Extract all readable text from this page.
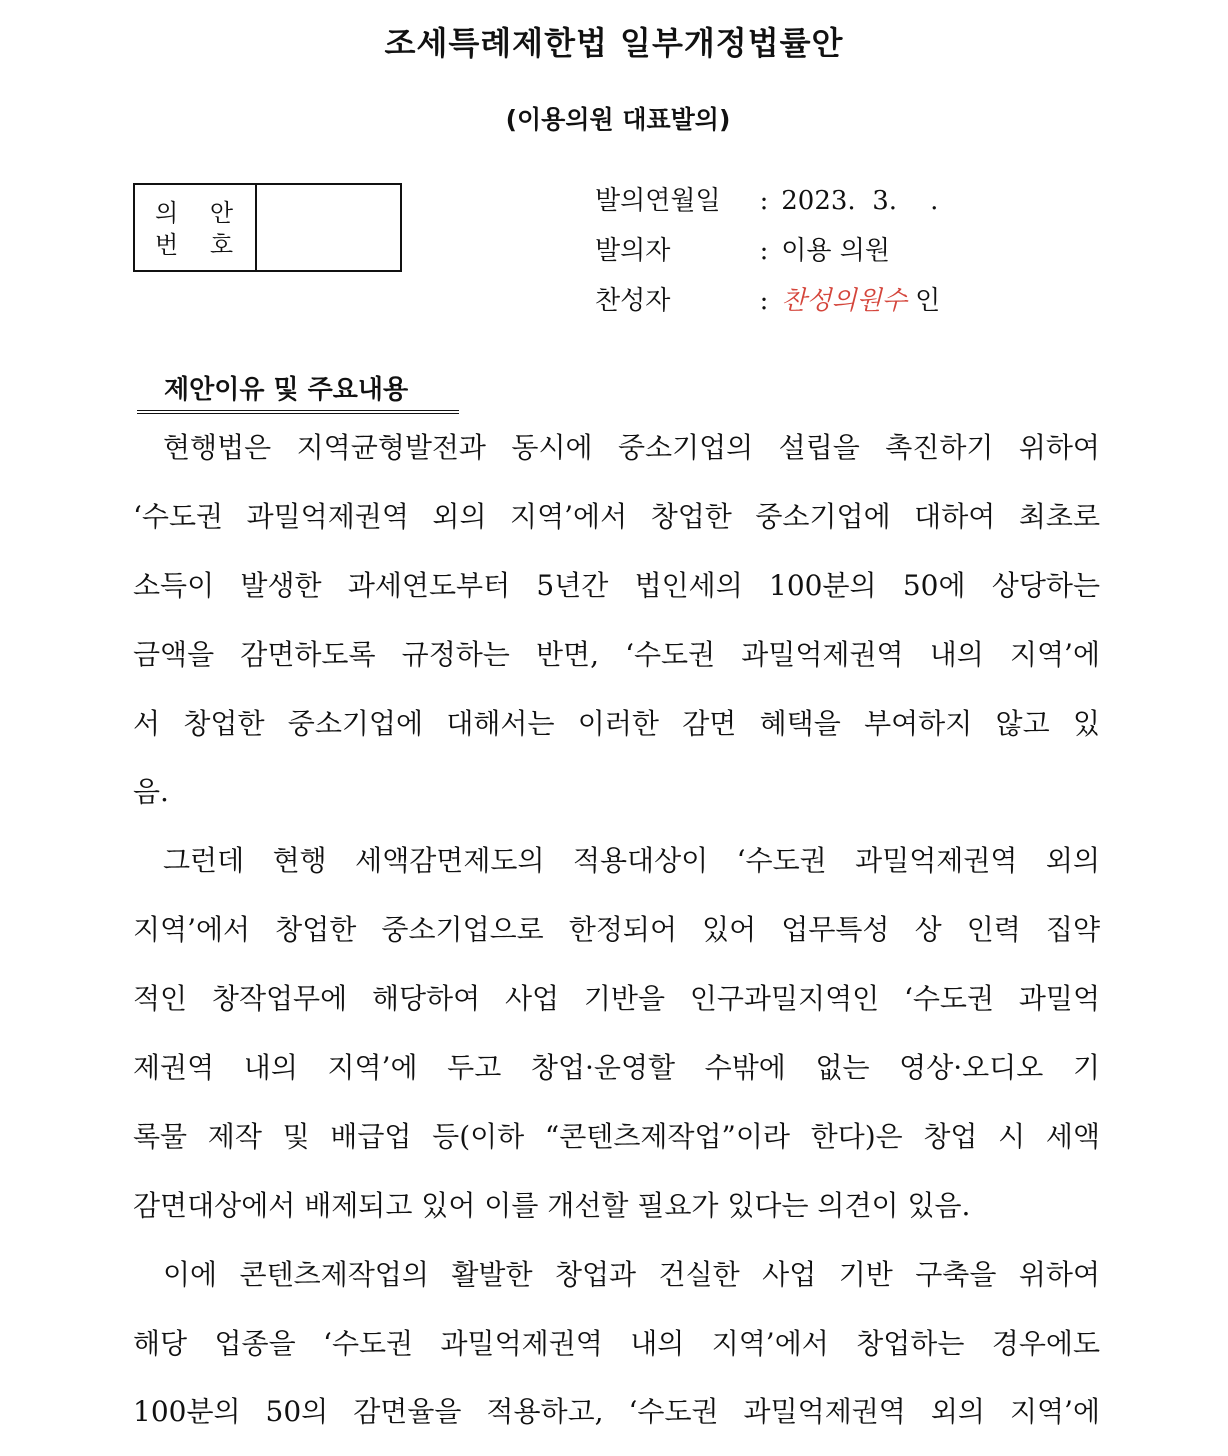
조세특례제한법 일부개정법률안
(이용의원 대표발의)
의 안
번 호
발의연월일 : 2023.  3.    .
발의자	: 이용 의원
찬성자	: 찬성의원수 인
제안이유 및 주요내용
현행법은 지역균형발전과 동시에 중소기업의 설립을 촉진하기 위하여
‘수도권 과밀억제권역 외의 지역’에서 창업한 중소기업에 대하여 최초로
소득이 발생한 과세연도부터 5년간 법인세의 100분의 50에 상당하는
금액을 감면하도록 규정하는 반면, ‘수도권 과밀억제권역 내의 지역’에
서 창업한 중소기업에 대해서는 이러한 감면 혜택을 부여하지 않고 있
음.
그런데 현행 세액감면제도의 적용대상이 ‘수도권 과밀억제권역 외의
지역’에서 창업한 중소기업으로 한정되어 있어 업무특성 상 인력 집약
적인 창작업무에 해당하여 사업 기반을 인구과밀지역인 ‘수도권 과밀억
제권역 내의 지역’에 두고 창업·운영할 수밖에 없는 영상·오디오 기
록물 제작 및 배급업 등(이하 “콘텐츠제작업”이라 한다)은 창업 시 세액
감면대상에서 배제되고 있어 이를 개선할 필요가 있다는 의견이 있음.
이에 콘텐츠제작업의 활발한 창업과 건실한 사업 기반 구축을 위하여
해당 업종을 ‘수도권 과밀억제권역 내의 지역’에서 창업하는 경우에도
100분의 50의 감면율을 적용하고, ‘수도권 과밀억제권역 외의 지역’에
